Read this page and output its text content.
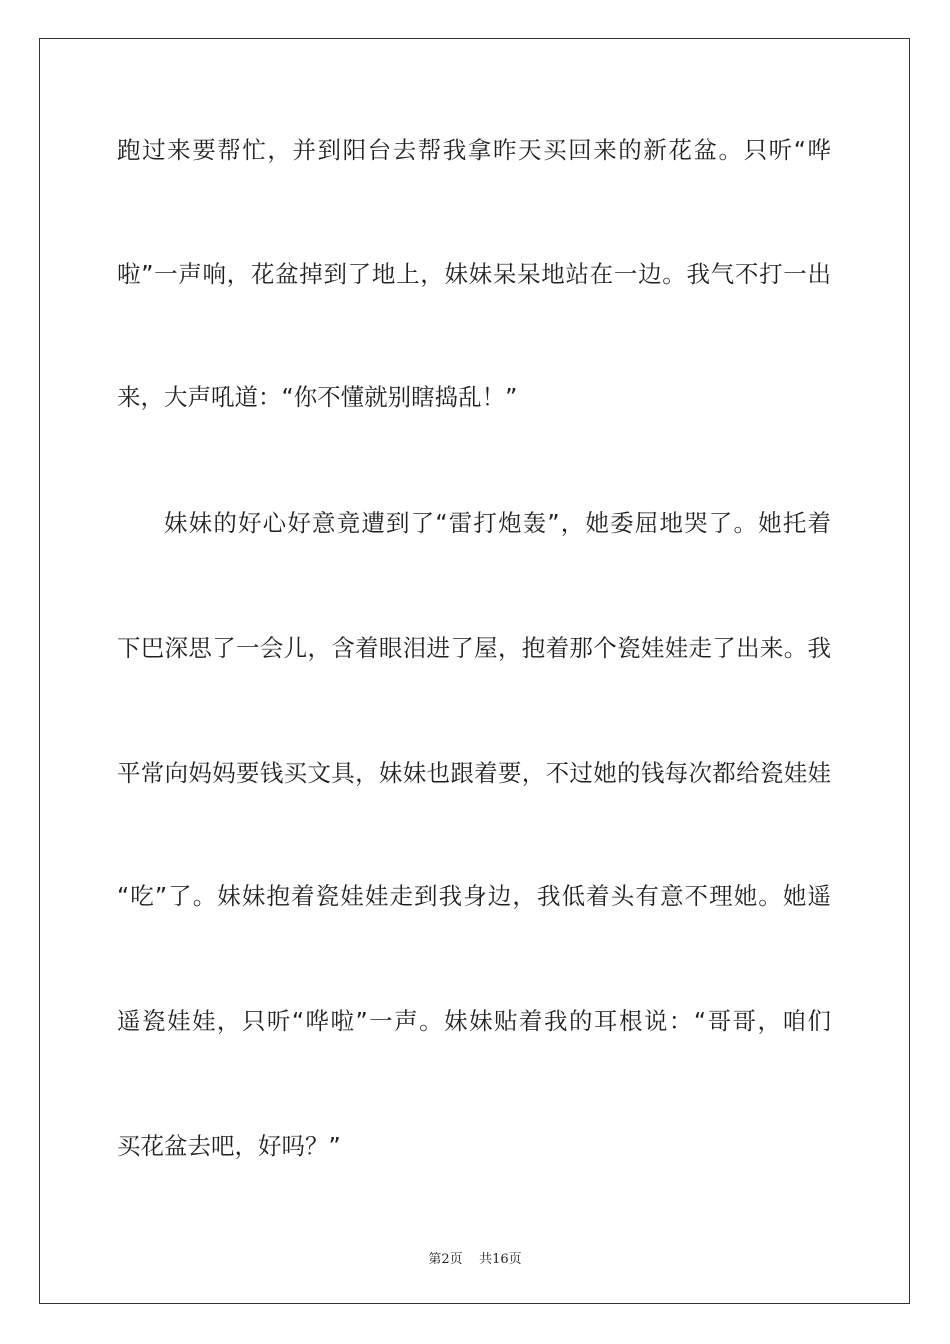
跑过来要帮忙，并到阳台去帮我拿昨天买回来的新花盆。只听“哗
啦”一声响，花盆掉到了地上，妹妹呆呆地站在一边。我气不打一出
来，大声吼道：“你不懂就别瞎捣乱！”
妹妹的好心好意竟遭到了“雷打炮轰”，她委屈地哭了。她托着
下巴深思了一会儿，含着眼泪进了屋，抱着那个瓷娃娃走了出来。我
平常向妈妈要钱买文具，妹妹也跟着要，不过她的钱每次都给瓷娃娃
“吃”了。妹妹抱着瓷娃娃走到我身边，我低着头有意不理她。她遥
遥瓷娃娃，只听“哗啦”一声。妹妹贴着我的耳根说：“哥哥，咱们
买花盆去吧，好吗？”
第2页 共16页
